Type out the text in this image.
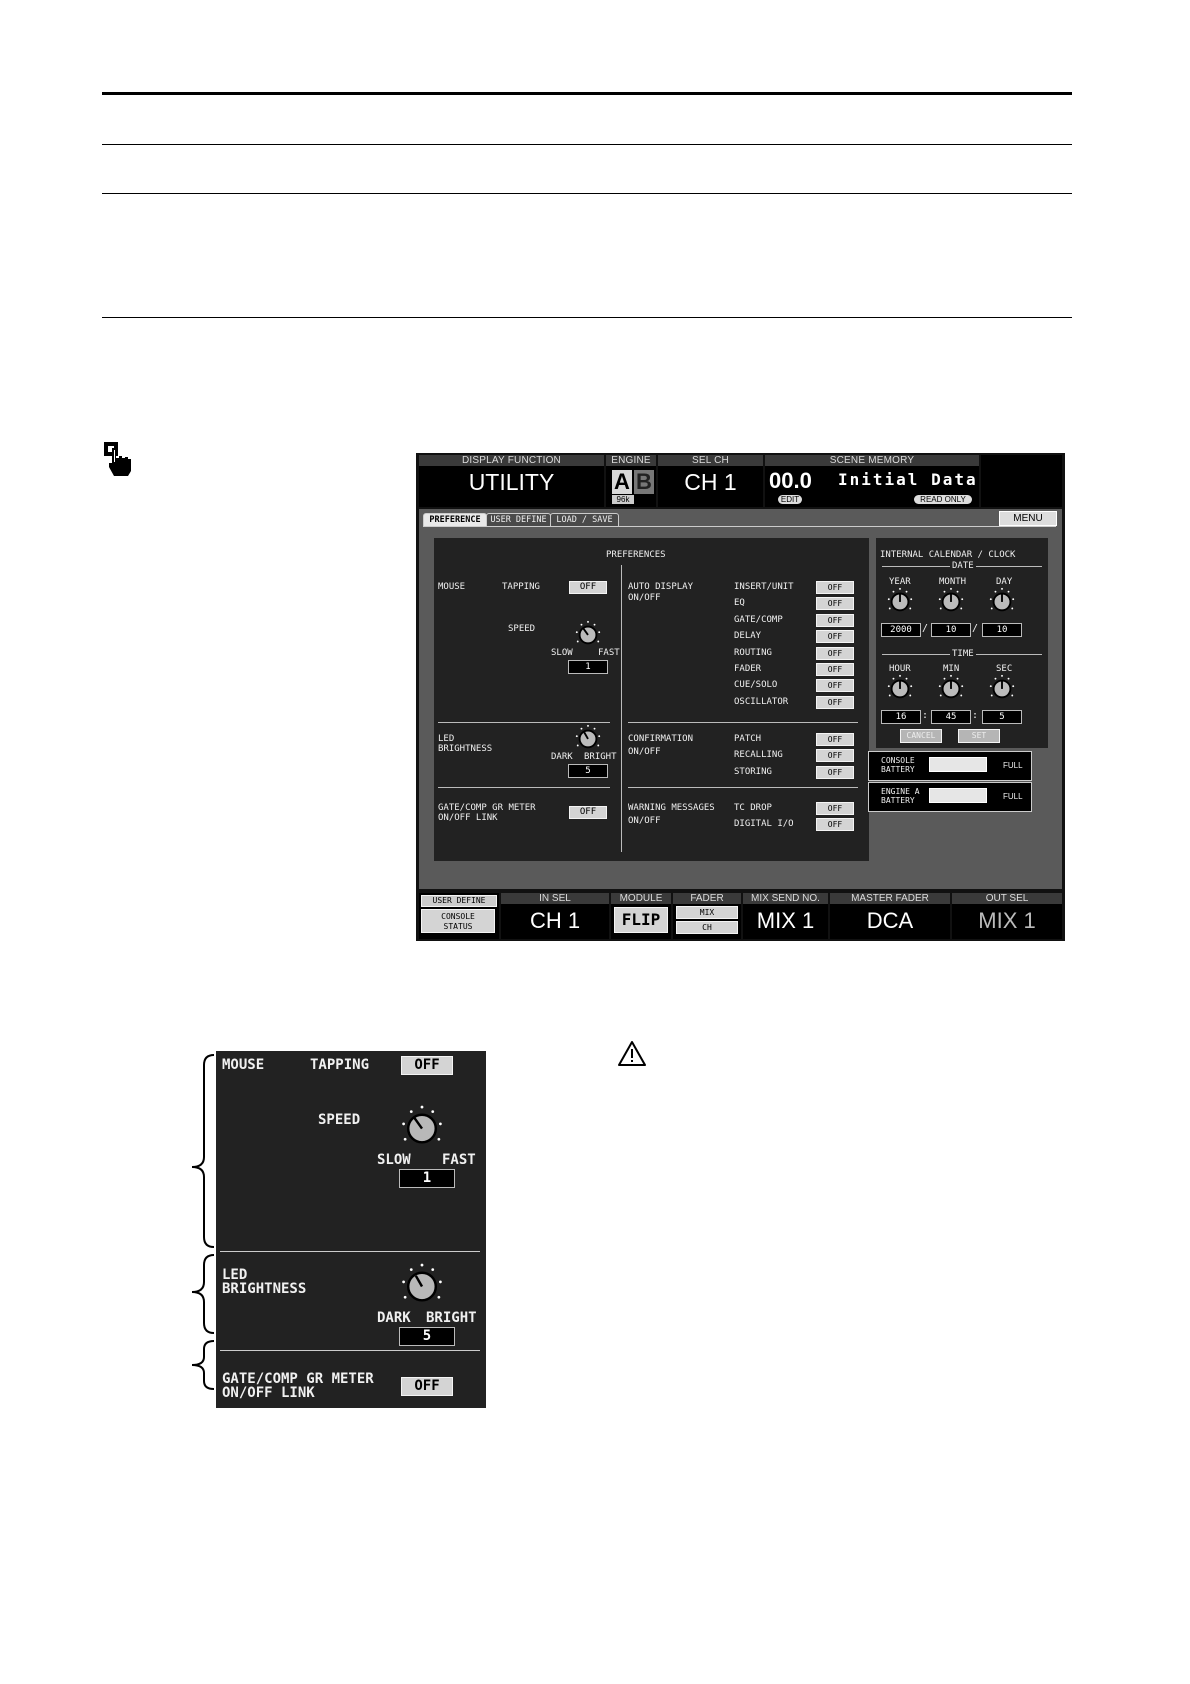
DISPLAY FUNCTION
UTILITY
ENGINE
A B
96k
SEL CH
CH 1
SCENE MEMORY
00.0 Initial Data
EDIT	READ ONLY
PREFERENCE	USER DEFINE	LOAD / SAVE	MENU
PREFERENCES
MOUSE	TAPPING	OFF
SPEED
SLOW	FAST
1
LED
BRIGHTNESS
DARK BRIGHT
5
GATE/COMP GR METER
ON/OFF LINK
OFF
AUTO DISPLAY
ON/OFF
INSERT/UNIT	OFF
EQ	OFF
GATE/COMP	OFF
DELAY	OFF
ROUTING	OFF
FADER	OFF
CUE/SOLO	OFF
OSCILLATOR	OFF
CONFIRMATION
ON/OFF
PATCH	OFF
RECALLING	OFF
STORING	OFF
WARNING MESSAGES
ON/OFF
TC DROP	OFF
DIGITAL I/O	OFF
INTERNAL CALENDAR / CLOCK
DATE
YEAR	MONTH	DAY
2000	/	10	/	10
TIME
HOUR	MIN	SEC
16	:	45	:	5
CANCEL	SET
CONSOLE
BATTERY	FULL
ENGINE A
BATTERY	FULL
USER DEFINE
CONSOLE
STATUS
IN SEL
CH 1
MODULE
FLIP
FADER
MIX
CH
MIX SEND NO.
MIX 1
MASTER FADER
DCA
OUT SEL
MIX 1
MOUSE	TAPPING	OFF
SPEED
SLOW FAST
1
LED
BRIGHTNESS
DARK BRIGHT
5
GATE/COMP GR METER
ON/OFF LINK	OFF
